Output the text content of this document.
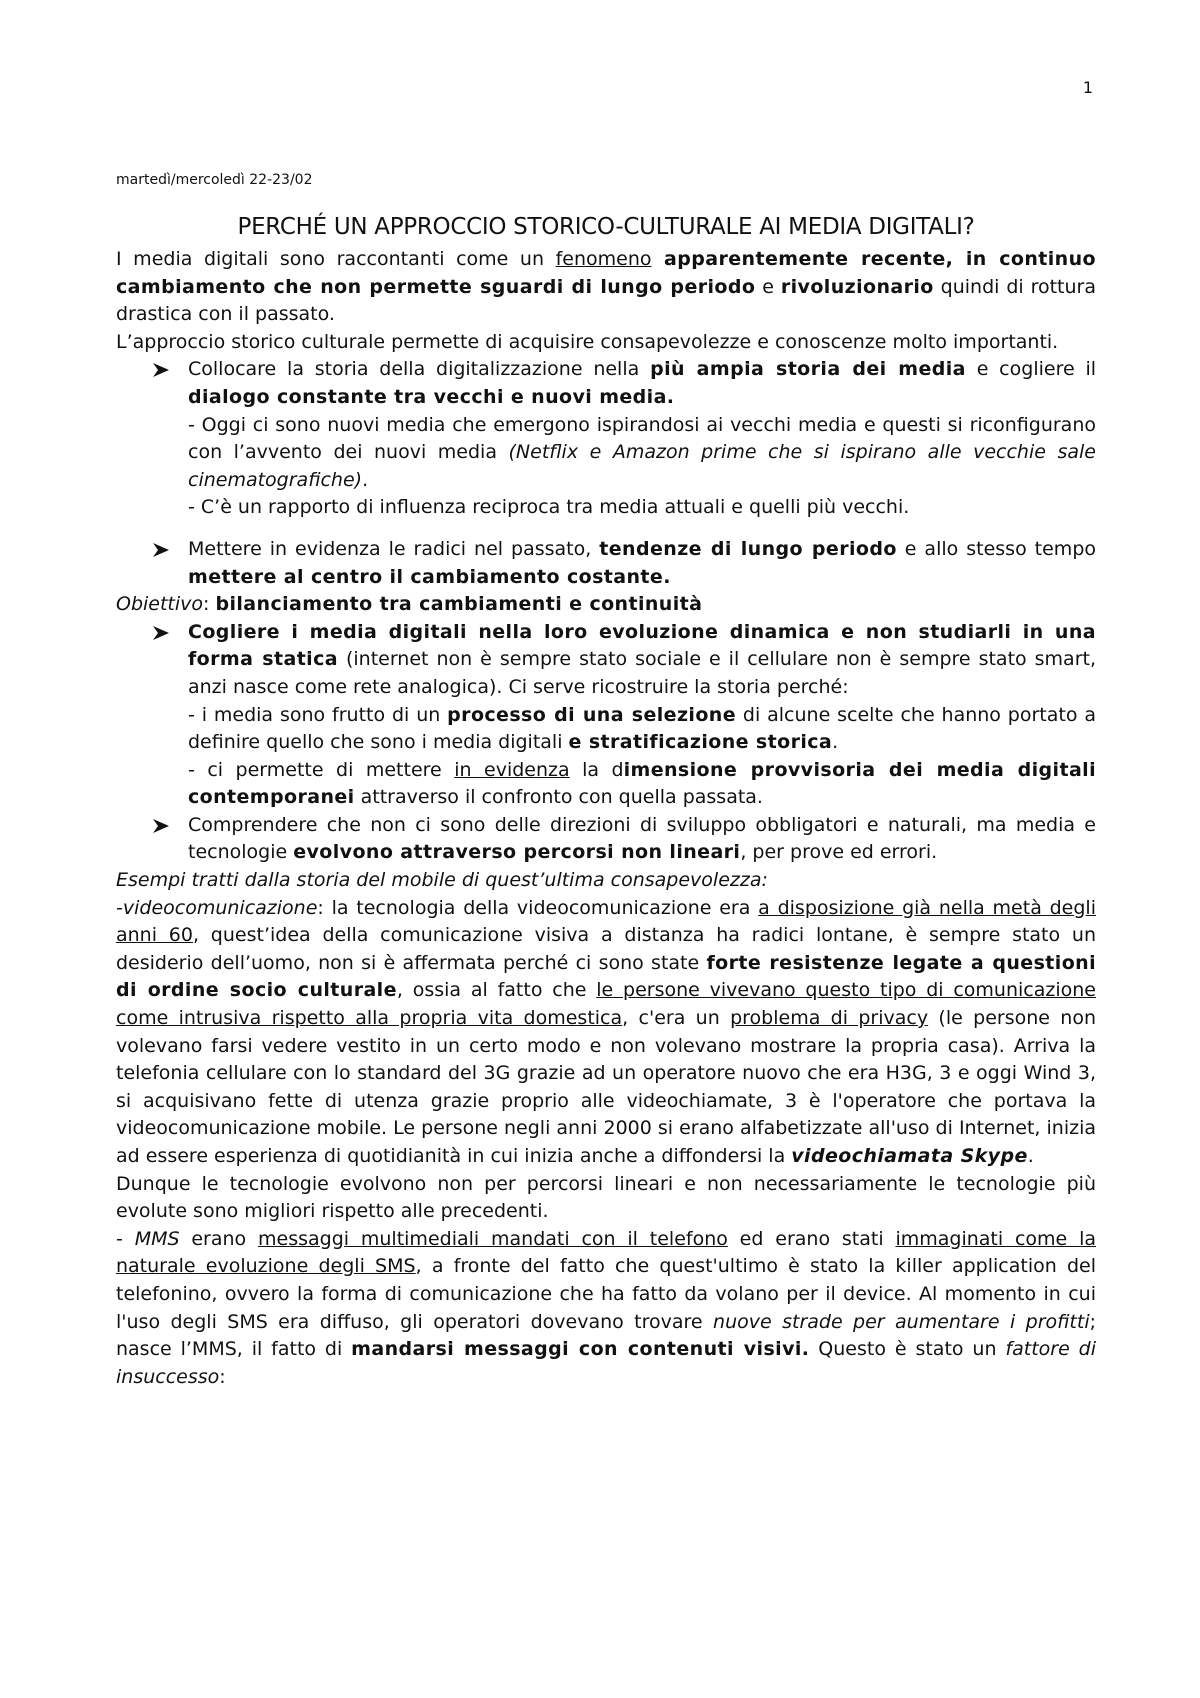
1
martedì/mercoledì 22-23/02
PERCHÉ UN APPROCCIO STORICO-CULTURALE AI MEDIA DIGITALI?

I media digitali sono raccontanti come un fenomeno apparentemente recente, in continuo cambiamento che non permette sguardi di lungo periodo e rivoluzionario quindi di rottura drastica con il passato.

L’approccio storico culturale permette di acquisire consapevolezze e conoscenze molto importanti.

Collocare la storia della digitalizzazione nella più ampia storia dei media e cogliere il dialogo constante tra vecchi e nuovi media.

- Oggi ci sono nuovi media che emergono ispirandosi ai vecchi media e questi si riconfigurano con l’avvento dei nuovi media (Netflix e Amazon prime che si ispirano alle vecchie sale cinematografiche).

- C’è un rapporto di influenza reciproca tra media attuali e quelli più vecchi.

Mettere in evidenza le radici nel passato, tendenze di lungo periodo e allo stesso tempo mettere al centro il cambiamento costante.

Obiettivo: bilanciamento tra cambiamenti e continuità

Cogliere i media digitali nella loro evoluzione dinamica e non studiarli in una forma statica (internet non è sempre stato sociale e il cellulare non è sempre stato smart, anzi nasce come rete analogica). Ci serve ricostruire la storia perché:

- i media sono frutto di un processo di una selezione di alcune scelte che hanno portato a definire quello che sono i media digitali e stratificazione storica.

- ci permette di mettere in evidenza la dimensione provvisoria dei media digitali contemporanei attraverso il confronto con quella passata.

Comprendere che non ci sono delle direzioni di sviluppo obbligatori e naturali, ma media e tecnologie evolvono attraverso percorsi non lineari, per prove ed errori.

Esempi tratti dalla storia del mobile di quest’ultima consapevolezza:

-videocomunicazione: la tecnologia della videocomunicazione era a disposizione già nella metà degli anni 60, quest’idea della comunicazione visiva a distanza ha radici lontane, è sempre stato un desiderio dell’uomo, non si è affermata perché ci sono state forte resistenze legate a questioni di ordine socio culturale, ossia al fatto che le persone vivevano questo tipo di comunicazione come intrusiva rispetto alla propria vita domestica, c'era un problema di privacy (le persone non volevano farsi vedere vestito in un certo modo e non volevano mostrare la propria casa). Arriva la telefonia cellulare con lo standard del 3G grazie ad un operatore nuovo che era H3G, 3 e oggi Wind 3, si acquisivano fette di utenza grazie proprio alle videochiamate, 3 è l'operatore che portava la videocomunicazione mobile. Le persone negli anni 2000 si erano alfabetizzate all'uso di Internet, inizia ad essere esperienza di quotidianità in cui inizia anche a diffondersi la videochiamata Skype.

Dunque le tecnologie evolvono non per percorsi lineari e non necessariamente le tecnologie più evolute sono migliori rispetto alle precedenti.

- MMS erano messaggi multimediali mandati con il telefono ed erano stati immaginati come la naturale evoluzione degli SMS, a fronte del fatto che quest'ultimo è stato la killer application del telefonino, ovvero la forma di comunicazione che ha fatto da volano per il device. Al momento in cui l'uso degli SMS era diffuso, gli operatori dovevano trovare nuove strade per aumentare i profitti; nasce l’MMS, il fatto di mandarsi messaggi con contenuti visivi. Questo è stato un fattore di insuccesso:
